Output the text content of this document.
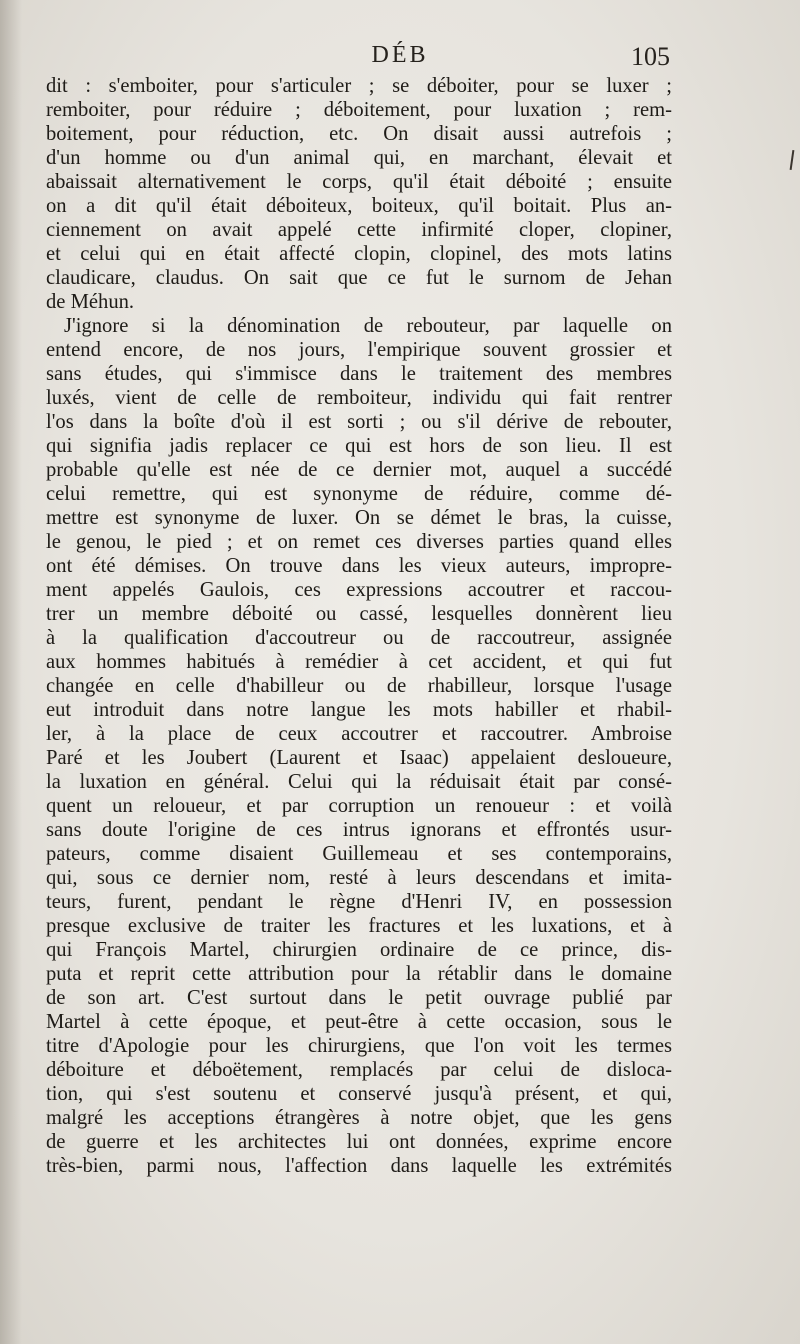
DÉB	105
dit : s'emboiter, pour s'articuler ; se déboiter, pour se luxer ;
remboiter, pour réduire ; déboitement, pour luxation ; rem-
boitement, pour réduction, etc. On disait aussi autrefois ;
d'un homme ou d'un animal qui, en marchant, élevait et
abaissait alternativement le corps, qu'il était déboité ; ensuite
on a dit qu'il était déboiteux, boiteux, qu'il boitait. Plus an-
ciennement on avait appelé cette infirmité cloper, clopiner,
et celui qui en était affecté clopin, clopinel, des mots latins
claudicare, claudus. On sait que ce fut le surnom de Jehan
de Méhun.
J'ignore si la dénomination de rebouteur, par laquelle on
entend encore, de nos jours, l'empirique souvent grossier et
sans études, qui s'immisce dans le traitement des membres
luxés, vient de celle de remboiteur, individu qui fait rentrer
l'os dans la boîte d'où il est sorti ; ou s'il dérive de rebouter,
qui signifia jadis replacer ce qui est hors de son lieu. Il est
probable qu'elle est née de ce dernier mot, auquel a succédé
celui remettre, qui est synonyme de réduire, comme dé-
mettre est synonyme de luxer. On se démet le bras, la cuisse,
le genou, le pied ; et on remet ces diverses parties quand elles
ont été démises. On trouve dans les vieux auteurs, impropre-
ment appelés Gaulois, ces expressions accoutrer et raccou-
trer un membre déboité ou cassé, lesquelles donnèrent lieu
à la qualification d'accoutreur ou de raccoutreur, assignée
aux hommes habitués à remédier à cet accident, et qui fut
changée en celle d'habilleur ou de rhabilleur, lorsque l'usage
eut introduit dans notre langue les mots habiller et rhabil-
ler, à la place de ceux accoutrer et raccoutrer. Ambroise
Paré et les Joubert (Laurent et Isaac) appelaient desloueure,
la luxation en général. Celui qui la réduisait était par consé-
quent un reloueur, et par corruption un renoueur : et voilà
sans doute l'origine de ces intrus ignorans et effrontés usur-
pateurs, comme disaient Guillemeau et ses contemporains,
qui, sous ce dernier nom, resté à leurs descendans et imita-
teurs, furent, pendant le règne d'Henri IV, en possession
presque exclusive de traiter les fractures et les luxations, et à
qui François Martel, chirurgien ordinaire de ce prince, dis-
puta et reprit cette attribution pour la rétablir dans le domaine
de son art. C'est surtout dans le petit ouvrage publié par
Martel à cette époque, et peut-être à cette occasion, sous le
titre d'Apologie pour les chirurgiens, que l'on voit les termes
déboiture et déboëtement, remplacés par celui de disloca-
tion, qui s'est soutenu et conservé jusqu'à présent, et qui,
malgré les acceptions étrangères à notre objet, que les gens
de guerre et les architectes lui ont données, exprime encore
très-bien, parmi nous, l'affection dans laquelle les extrémités
